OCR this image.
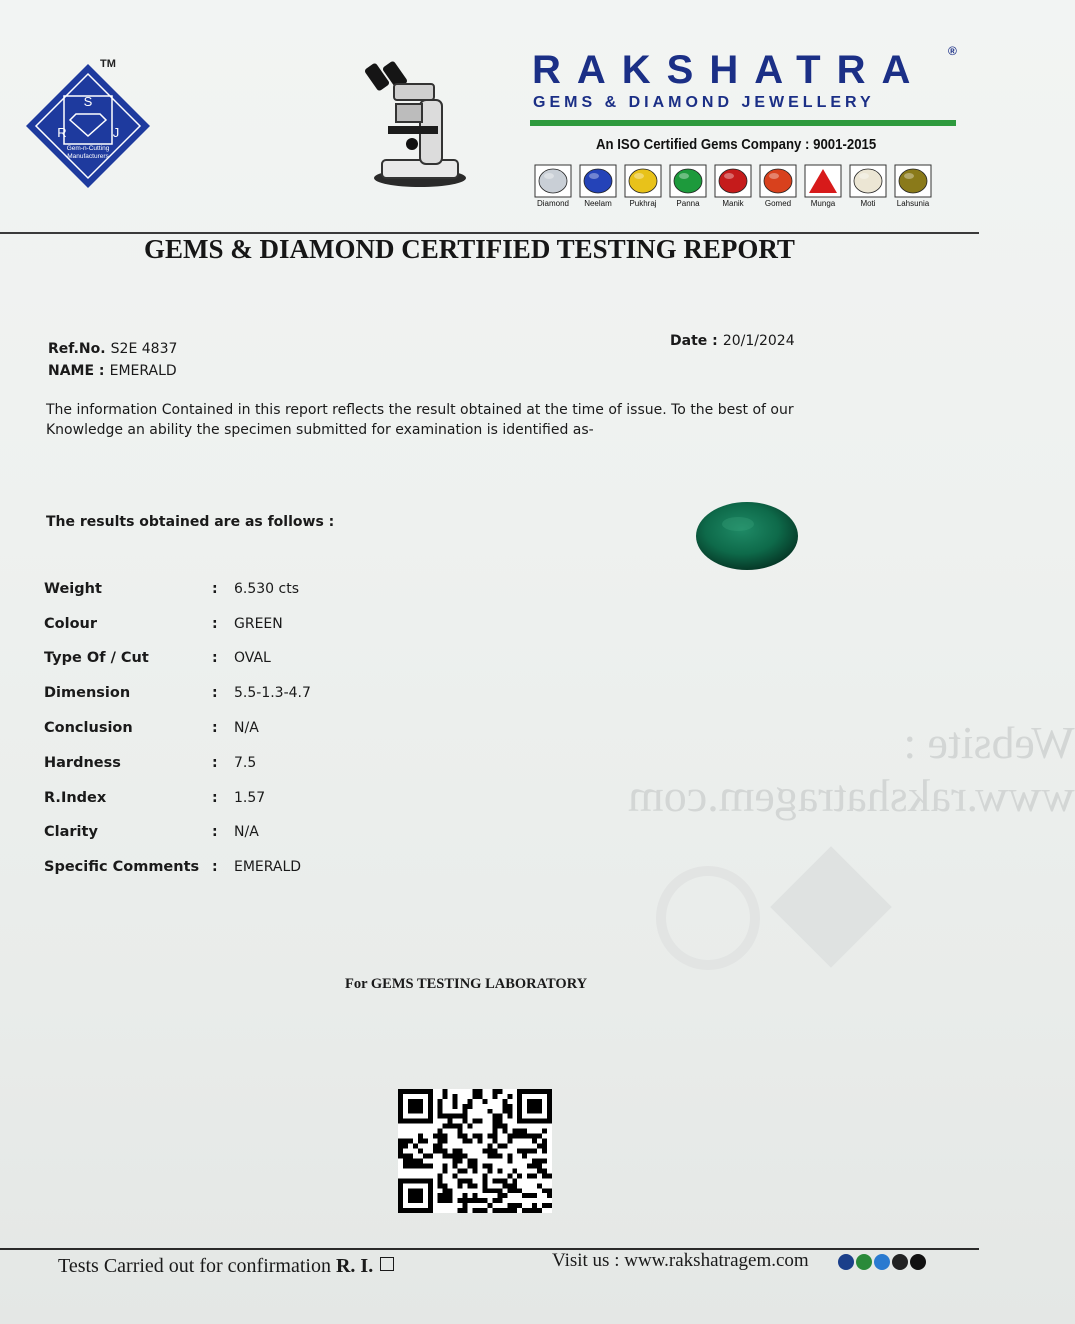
S
R	J
Gem-n-Cutting
Manufacturers
TM	RAKSHATRA ®
GEMS & DIAMOND JEWELLERY
An ISO Certified Gems Company : 9001-2015
Diamond	Neelam	Pukhraj	Panna	Manik	Gomed	Munga	Moti	Lahsunia
GEMS & DIAMOND CERTIFIED TESTING REPORT
Ref.No. S2E 4837
NAME : EMERALD
Date : 20/1/2024
The information Contained in this report reflects the result obtained at the time of issue. To the best of our
Knowledge an ability the specimen submitted for examination is identified as-
The results obtained are as follows :
Weight	:	6.530 cts
Colour	:	GREEN
Type Of / Cut	:	OVAL
Dimension	:	5.5-1.3-4.7
Conclusion	:	N/A
Hardness	:	7.5
R.Index	:	1.57
Clarity	:	N/A
Specific Comments :	EMERALD
Website : www.rakshatragem.com
For GEMS TESTING LABORATORY
Tests Carried out for confirmation R. I.	Visit us : www.rakshatragem.com
